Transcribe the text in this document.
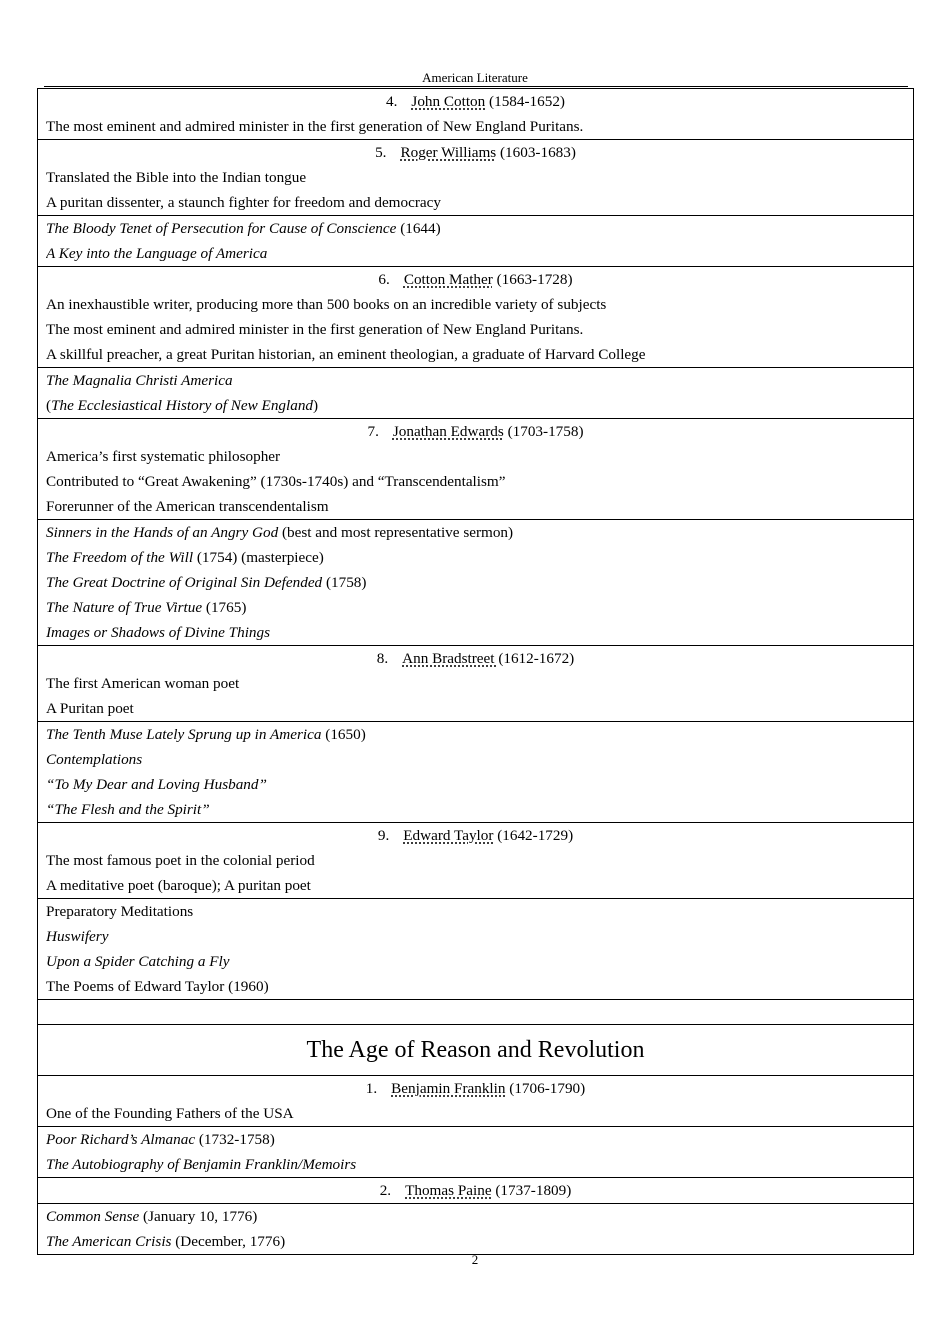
American Literature
4. John Cotton (1584-1652)
The most eminent and admired minister in the first generation of New England Puritans.

5. Roger Williams (1603-1683)
Translated the Bible into the Indian tongue
A puritan dissenter, a staunch fighter for freedom and democracy

The Bloody Tenet of Persecution for Cause of Conscience (1644)
A Key into the Language of America

6. Cotton Mather (1663-1728)
An inexhaustible writer, producing more than 500 books on an incredible variety of subjects
The most eminent and admired minister in the first generation of New England Puritans.
A skillful preacher, a great Puritan historian, an eminent theologian, a graduate of Harvard College

The Magnalia Christi America
(The Ecclesiastical History of New England)

7. Jonathan Edwards (1703-1758)
America’s first systematic philosopher
Contributed to “Great Awakening” (1730s-1740s) and “Transcendentalism”
Forerunner of the American transcendentalism

Sinners in the Hands of an Angry God (best and most representative sermon)
The Freedom of the Will (1754) (masterpiece)
The Great Doctrine of Original Sin Defended (1758)
The Nature of True Virtue (1765)
Images or Shadows of Divine Things

8. Ann Bradstreet (1612-1672)
The first American woman poet
A Puritan poet

The Tenth Muse Lately Sprung up in America (1650)
Contemplations
“To My Dear and Loving Husband”
“The Flesh and the Spirit”

9. Edward Taylor (1642-1729)
The most famous poet in the colonial period
A meditative poet (baroque); A puritan poet

Preparatory Meditations
Huswifery
Upon a Spider Catching a Fly
The Poems of Edward Taylor (1960)

The Age of Reason and Revolution

1. Benjamin Franklin (1706-1790)
One of the Founding Fathers of the USA

Poor Richard’s Almanac (1732-1758)
The Autobiography of Benjamin Franklin/Memoirs

2. Thomas Paine (1737-1809)

Common Sense (January 10, 1776)
The American Crisis (December, 1776)
2
